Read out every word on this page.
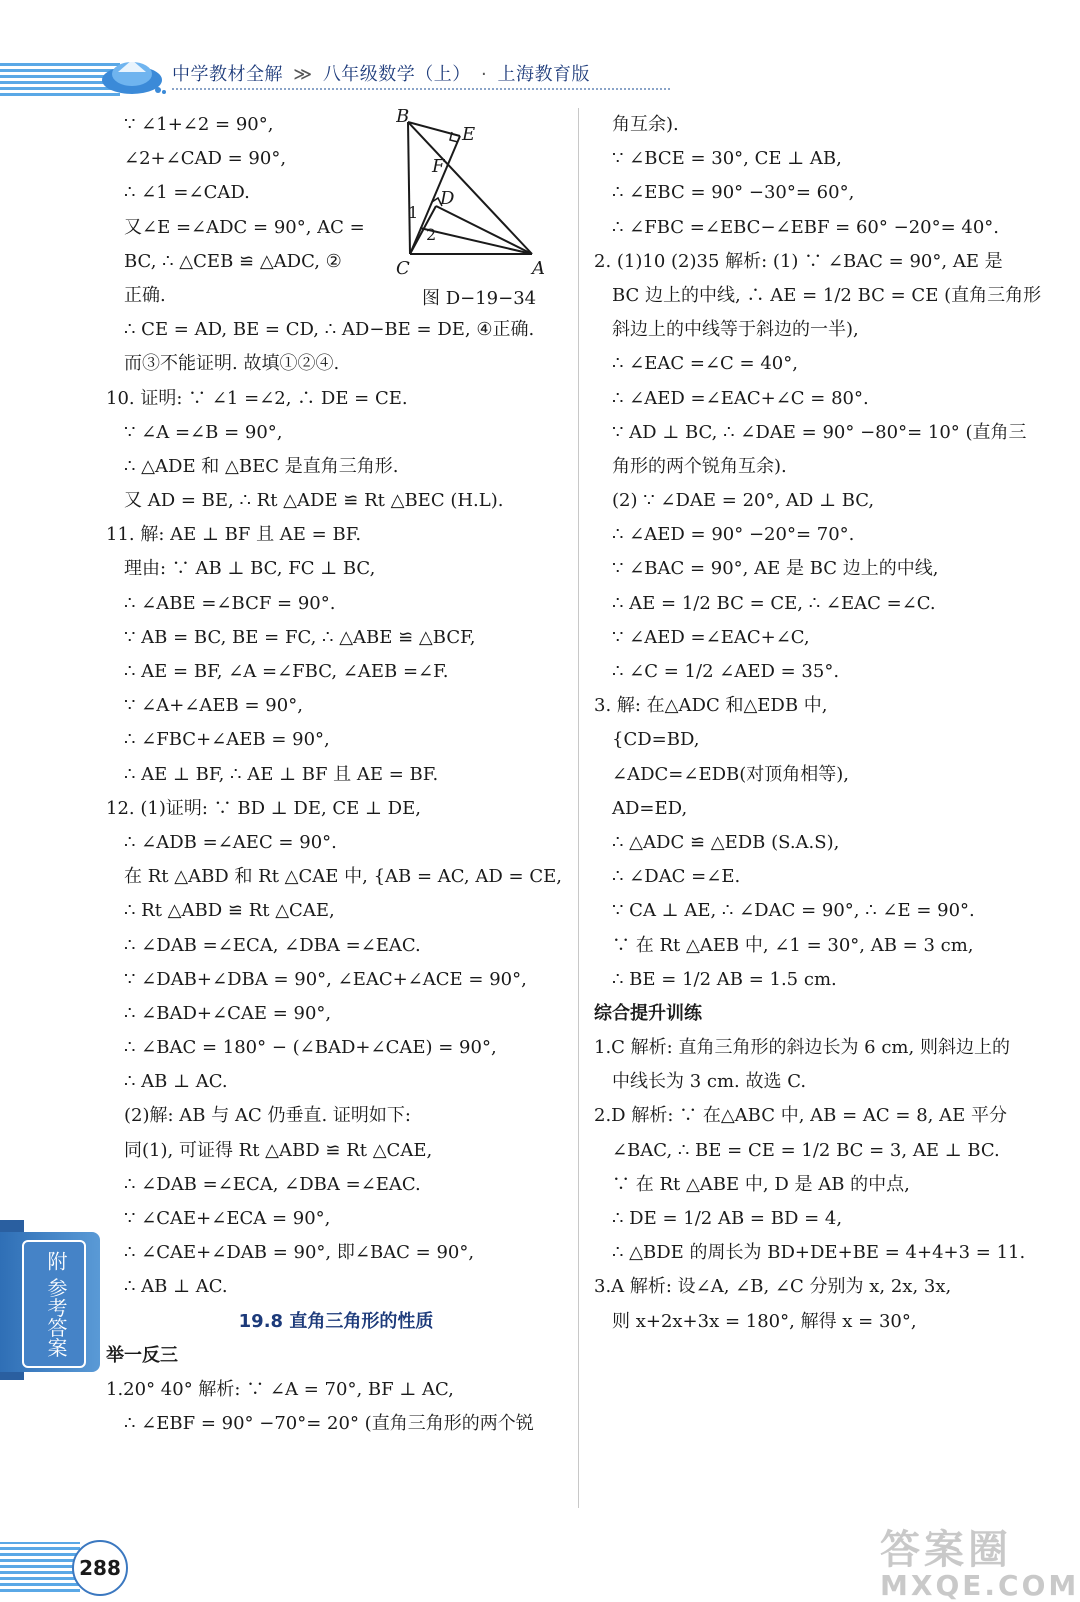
中学教材全解 ≫ 八年级数学（上） · 上海教育版
B
E
F
D
1
2
C	A
图 D−19−34
∵ ∠1+∠2 = 90°,
∠2+∠CAD = 90°,
∴ ∠1 =∠CAD.
又∠E =∠ADC = 90°, AC =
BC, ∴ △CEB ≌ △ADC, ②
正确.
∴ CE = AD, BE = CD, ∴ AD−BE = DE, ④正确.
而③不能证明. 故填①②④.
10. 证明: ∵ ∠1 =∠2, ∴ DE = CE.
∵ ∠A =∠B = 90°,
∴ △ADE 和 △BEC 是直角三角形.
又 AD = BE, ∴ Rt △ADE ≌ Rt △BEC (H.L).
11. 解: AE ⊥ BF 且 AE = BF.
理由: ∵ AB ⊥ BC, FC ⊥ BC,
∴ ∠ABE =∠BCF = 90°.
∵ AB = BC, BE = FC, ∴ △ABE ≌ △BCF,
∴ AE = BF, ∠A =∠FBC, ∠AEB =∠F.
∵ ∠A+∠AEB = 90°,
∴ ∠FBC+∠AEB = 90°,
∴ AE ⊥ BF, ∴ AE ⊥ BF 且 AE = BF.
12. (1)证明: ∵ BD ⊥ DE, CE ⊥ DE,
∴ ∠ADB =∠AEC = 90°.
在 Rt △ABD 和 Rt △CAE 中, {AB = AC, AD = CE,
∴ Rt △ABD ≌ Rt △CAE,
∴ ∠DAB =∠ECA, ∠DBA =∠EAC.
∵ ∠DAB+∠DBA = 90°, ∠EAC+∠ACE = 90°,
∴ ∠BAD+∠CAE = 90°,
∴ ∠BAC = 180° − (∠BAD+∠CAE) = 90°,
∴ AB ⊥ AC.
(2)解: AB 与 AC 仍垂直. 证明如下:
同(1), 可证得 Rt △ABD ≌ Rt △CAE,
∴ ∠DAB =∠ECA, ∠DBA =∠EAC.
∵ ∠CAE+∠ECA = 90°,
∴ ∠CAE+∠DAB = 90°, 即∠BAC = 90°,
∴ AB ⊥ AC.
19.8 直角三角形的性质
举一反三
1.20° 40° 解析: ∵ ∠A = 70°, BF ⊥ AC,
∴ ∠EBF = 90° −70°= 20° (直角三角形的两个锐
角互余).
∵ ∠BCE = 30°, CE ⊥ AB,
∴ ∠EBC = 90° −30°= 60°,
∴ ∠FBC =∠EBC−∠EBF = 60° −20°= 40°.
2. (1)10 (2)35 解析: (1) ∵ ∠BAC = 90°, AE 是
BC 边上的中线, ∴ AE = 1/2 BC = CE (直角三角形
斜边上的中线等于斜边的一半),
∴ ∠EAC =∠C = 40°,
∴ ∠AED =∠EAC+∠C = 80°.
∵ AD ⊥ BC, ∴ ∠DAE = 90° −80°= 10° (直角三
角形的两个锐角互余).
(2) ∵ ∠DAE = 20°, AD ⊥ BC,
∴ ∠AED = 90° −20°= 70°.
∵ ∠BAC = 90°, AE 是 BC 边上的中线,
∴ AE = 1/2 BC = CE, ∴ ∠EAC =∠C.
∵ ∠AED =∠EAC+∠C,
∴ ∠C = 1/2 ∠AED = 35°.
3. 解: 在△ADC 和△EDB 中,
{CD=BD,
∠ADC=∠EDB(对顶角相等),
AD=ED,
∴ △ADC ≌ △EDB (S.A.S),
∴ ∠DAC =∠E.
∵ CA ⊥ AE, ∴ ∠DAC = 90°, ∴ ∠E = 90°.
∵ 在 Rt △AEB 中, ∠1 = 30°, AB = 3 cm,
∴ BE = 1/2 AB = 1.5 cm.
综合提升训练
1.C 解析: 直角三角形的斜边长为 6 cm, 则斜边上的
中线长为 3 cm. 故选 C.
2.D 解析: ∵ 在△ABC 中, AB = AC = 8, AE 平分
∠BAC, ∴ BE = CE = 1/2 BC = 3, AE ⊥ BC.
∵ 在 Rt △ABE 中, D 是 AB 的中点,
∴ DE = 1/2 AB = BD = 4,
∴ △BDE 的周长为 BD+DE+BE = 4+4+3 = 11.
3.A 解析: 设∠A, ∠B, ∠C 分别为 x, 2x, 3x,
则 x+2x+3x = 180°, 解得 x = 30°,
附 参考答案
288	答案圈
MXQE.COM
